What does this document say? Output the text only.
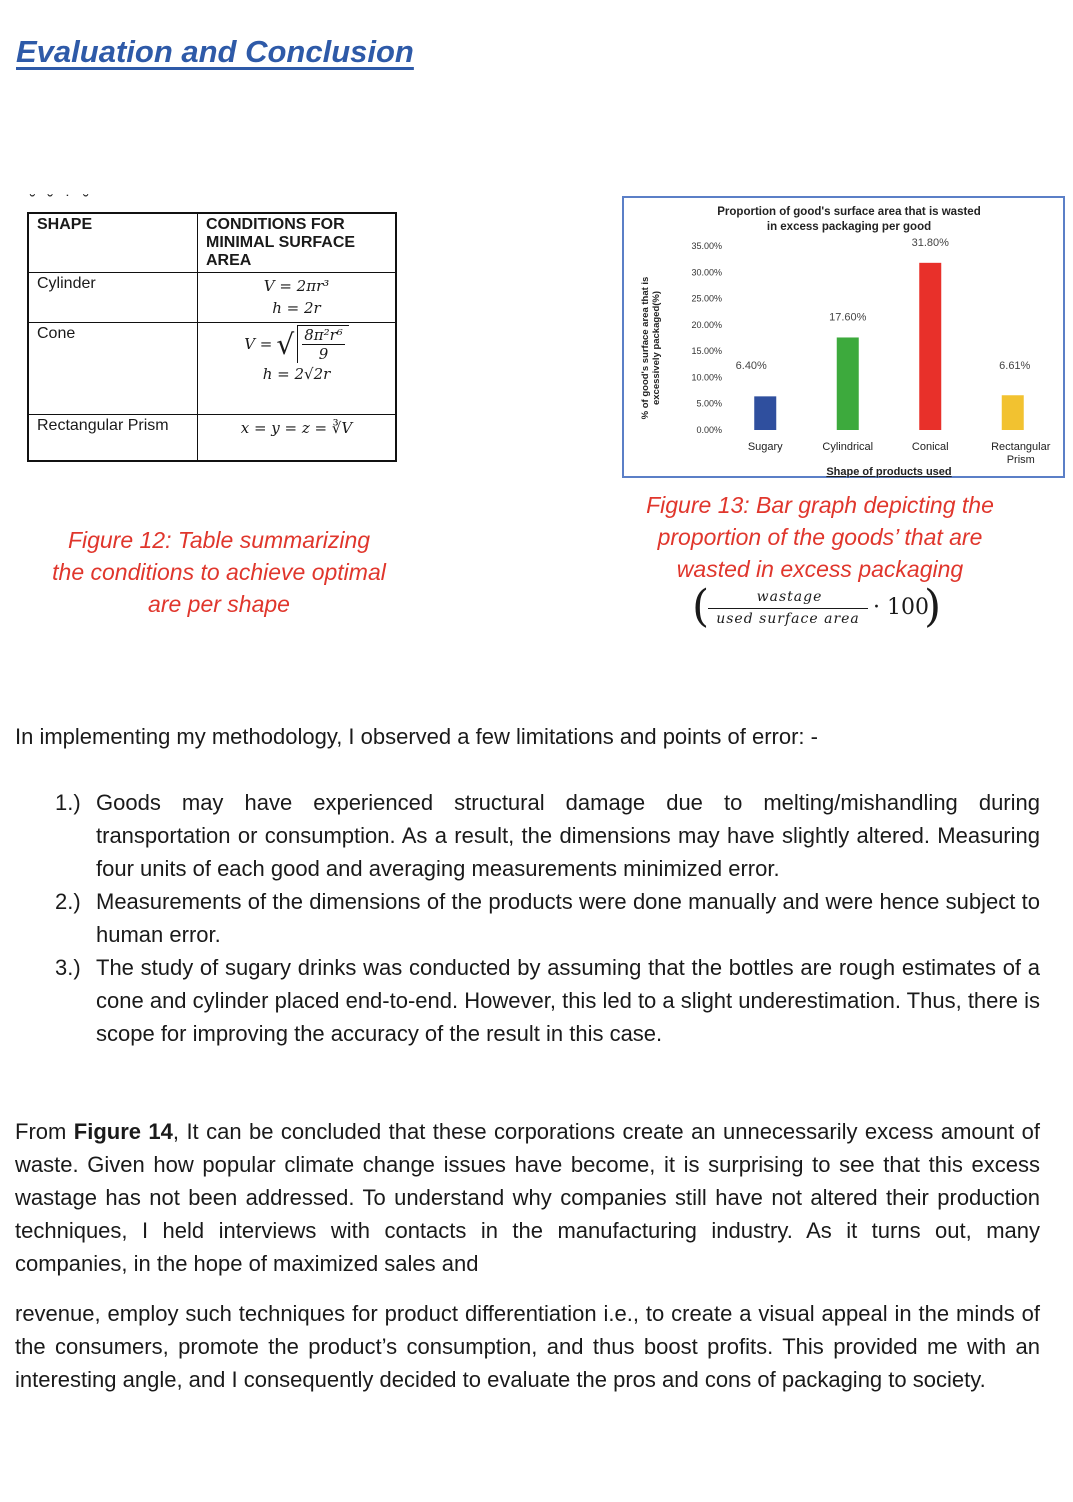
Evaluation and Conclusion
˘ ˘ ˙ ˘
SHAPE	CONDITIONS FOR MINIMAL SURFACE AREA
Cylinder	V = 2πr³
h = 2r

Cone	V = √ $\frac{\text{8π²r⁶}}{9}$
h = 2√2r

Rectangular Prism	x = y = z = ∛V
Figure 12: Table summarizing the conditions to achieve optimal are per shape
Proportion of good's surface area that is wasted
in excess packaging per good
% of good's surface area that is excessively packaged(%)
0.00%
5.00%
10.00%
15.00%
20.00%
25.00%
30.00%
35.00%
6.40%
17.60%
31.80%
6.61%
Sugary	Cylindrical	Conical	Rectangular
Prism
Shape of products used
Figure 13: Bar graph depicting the proportion of the goods’ that are wasted in excess packaging
(	wastage
used surface area · 100
)
In implementing my methodology, I observed a few limitations and points of error: -
1.) Goods may have experienced structural damage due to melting/mishandling during transportation or consumption. As a result, the dimensions may have slightly altered. Measuring four units of each good and averaging measurements minimized error.
2.) Measurements of the dimensions of the products were done manually and were hence subject to human error.
3.) The study of sugary drinks was conducted by assuming that the bottles are rough estimates of a cone and cylinder placed end-to-end. However, this led to a slight underestimation. Thus, there is scope for improving the accuracy of the result in this case.
From Figure 14, It can be concluded that these corporations create an unnecessarily excess amount of waste. Given how popular climate change issues have become, it is surprising to see that this excess wastage has not been addressed. To understand why companies still have not altered their production techniques, I held interviews with contacts in the manufacturing industry. As it turns out, many companies, in the hope of maximized sales and
revenue, employ such techniques for product differentiation i.e., to create a visual appeal in the minds of the consumers, promote the product’s consumption, and thus boost profits. This provided me with an interesting angle, and I consequently decided to evaluate the pros and cons of packaging to society.
